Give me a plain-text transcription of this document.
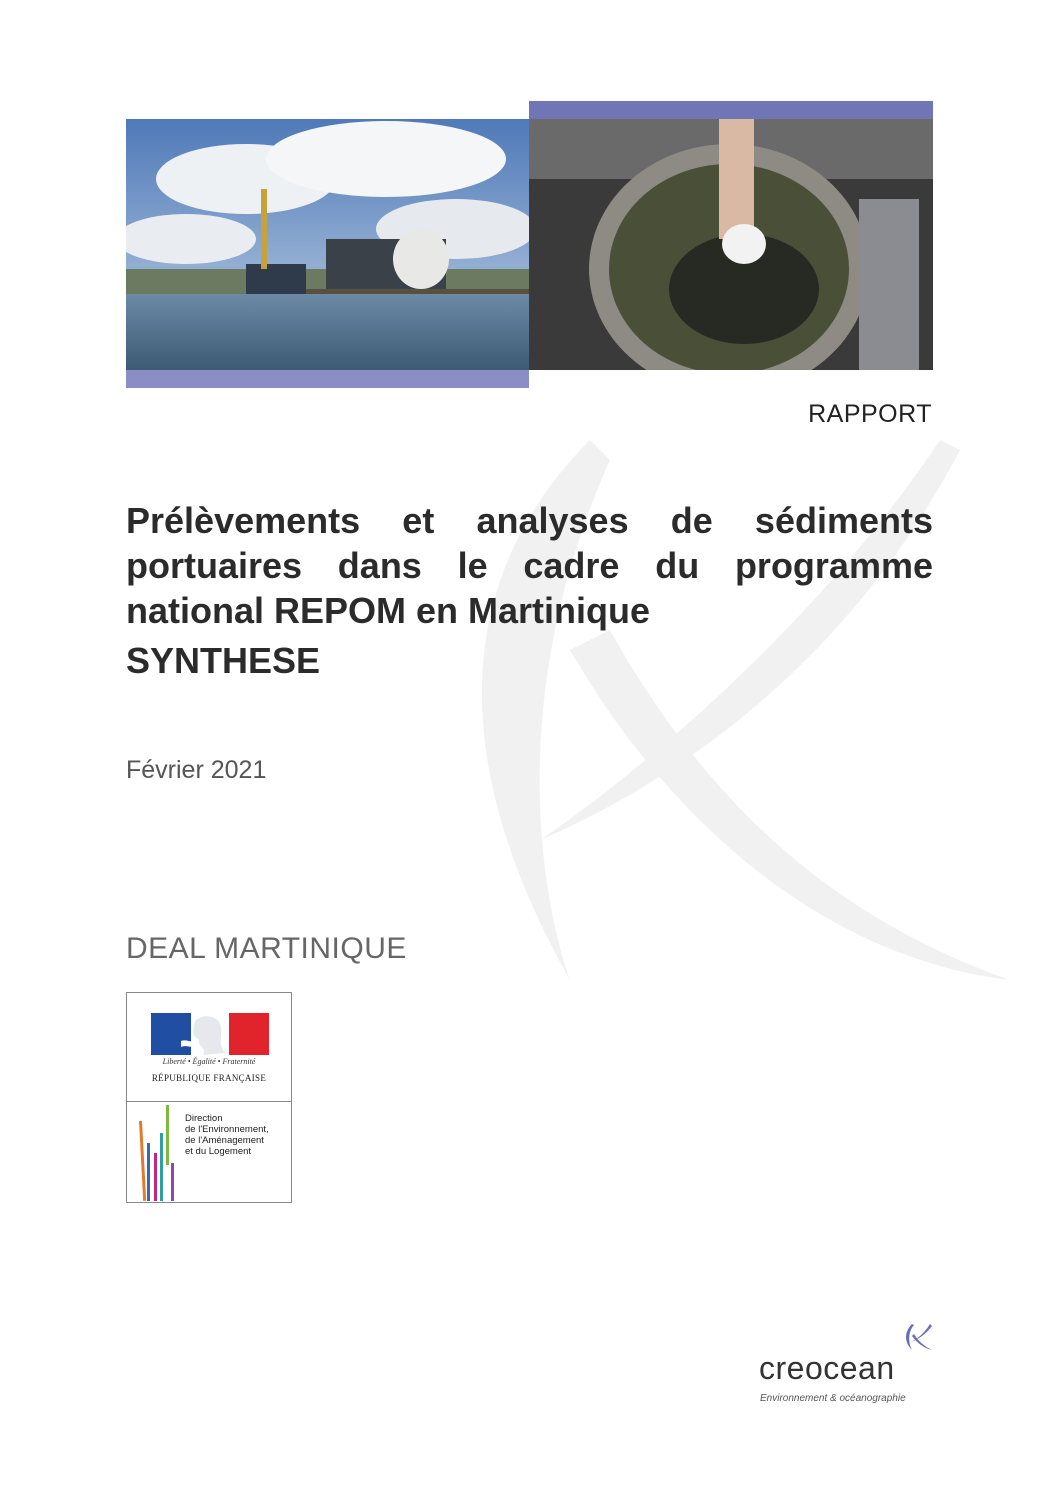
RAPPORT
Prélèvements et analyses de sédiments portuaires dans le cadre du programme national REPOM en Martinique
SYNTHESE
Février 2021
DEAL MARTINIQUE
Liberté • Égalité • Fraternité
RÉPUBLIQUE FRANÇAISE
Direction
de l'Environnement,
de l'Aménagement
et du Logement
creocean
Environnement & océanographie
